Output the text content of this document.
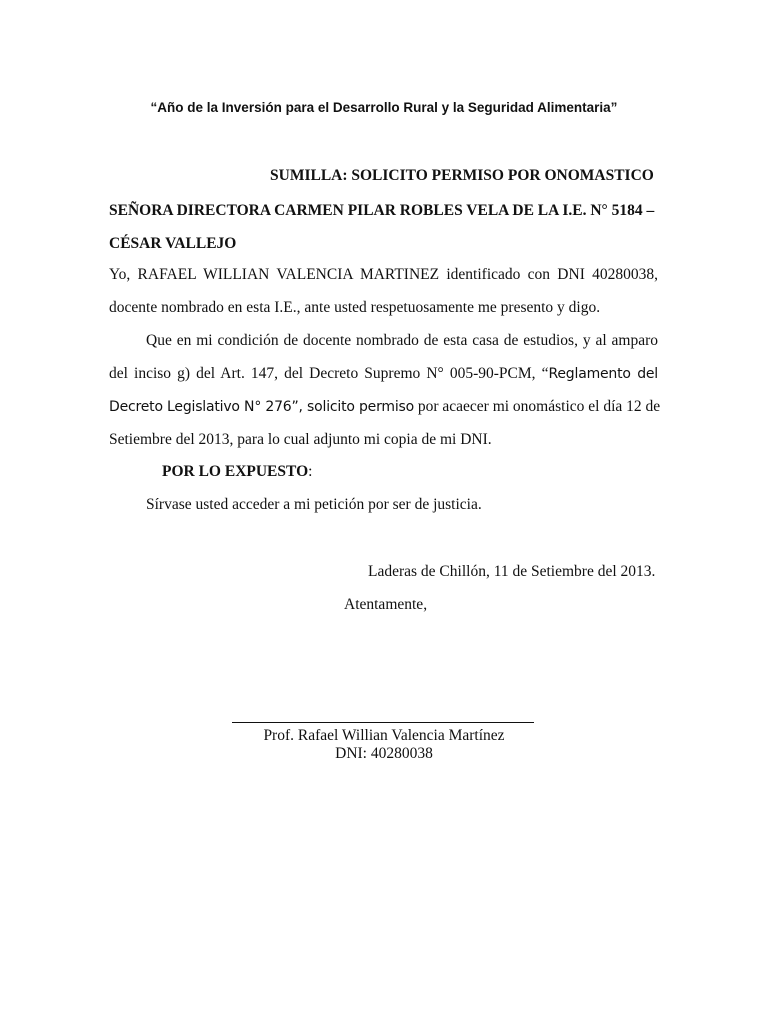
“Año de la Inversión para el Desarrollo Rural y la Seguridad Alimentaria”
SUMILLA: SOLICITO PERMISO POR ONOMASTICO
SEÑORA DIRECTORA CARMEN PILAR ROBLES VELA DE LA I.E. N° 5184 –
CÉSAR VALLEJO
Yo, RAFAEL WILLIAN VALENCIA MARTINEZ identificado con DNI 40280038,
docente nombrado en esta I.E., ante usted respetuosamente me presento y digo.
Que en mi condición de docente nombrado de esta casa de estudios, y al amparo
del inciso g) del Art. 147, del Decreto Supremo N° 005-90-PCM, “Reglamento del
Decreto Legislativo N° 276”, solicito permiso por acaecer mi onomástico el día 12 de
Setiembre del 2013, para lo cual adjunto mi copia de mi DNI.
POR LO EXPUESTO:
Sírvase usted acceder a mi petición por ser de justicia.
Laderas de Chillón, 11 de Setiembre del 2013.
Atentamente,
Prof. Rafael Willian Valencia Martínez
DNI: 40280038
